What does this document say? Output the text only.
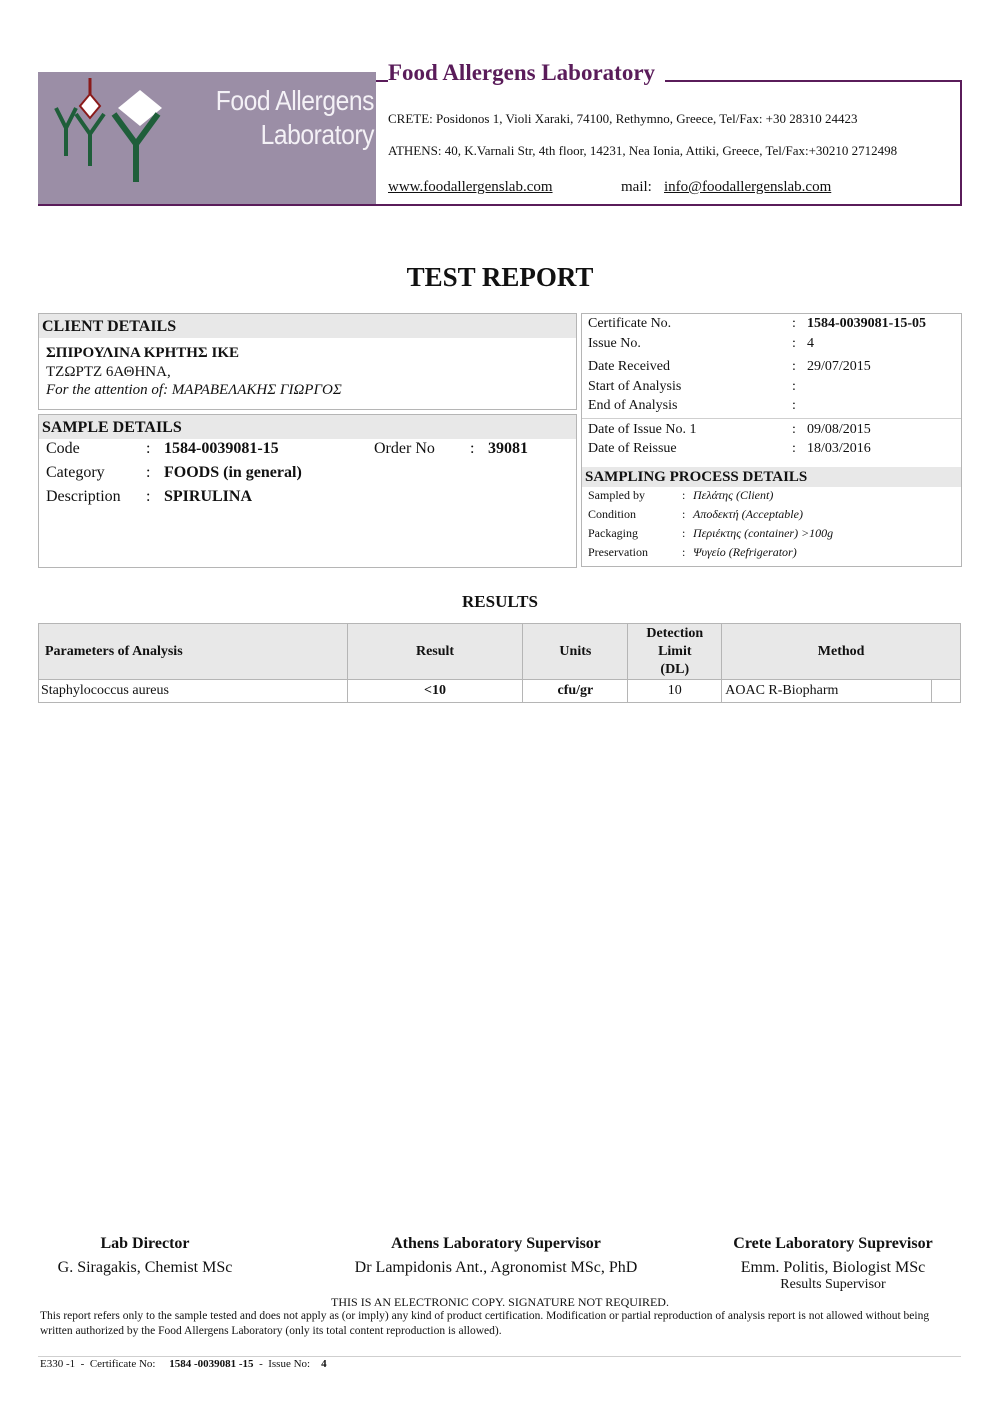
Food Allergens
Laboratory
Food Allergens Laboratory
CRETE: Posidonos 1, Violi Xaraki, 74100, Rethymno, Greece, Tel/Fax: +30 28310 24423
ATHENS: 40, K.Varnali Str, 4th floor, 14231, Nea Ionia, Attiki, Greece, Tel/Fax:+30210 2712498
www.foodallergenslab.com	mail: info@foodallergenslab.com
TEST REPORT
CLIENT DETAILS
ΣΠΙΡΟΥΛΙΝΑ ΚΡΗΤΗΣ ΙΚΕ
ΤΖΩΡΤΖ 6ΑΘΗΝΑ,
For the attention of: ΜΑΡΑΒΕΛΑΚΗΣ ΓΙΩΡΓΟΣ
SAMPLE DETAILS
Code	: 1584-0039081-15	Order No : 39081
Category	: FOODS (in general)
Description : SPIRULINA
Certificate No.	: 1584-0039081-15-05
Issue No.	: 4
Date Received	: 29/07/2015
Start of Analysis	:
End of Analysis	:
Date of Issue No. 1	: 09/08/2015
Date of Reissue	: 18/03/2016
SAMPLING PROCESS DETAILS
Sampled by	: Πελάτης (Client)
Condition	: Αποδεκτή (Acceptable)
Packaging	: Περιέκτης (container) >100g
Preservation	: Ψυγείο (Refrigerator)
RESULTS
Parameters of Analysis	Result	Units	Detection
Limit
(DL)	Method	
Staphylococcus aureus	<10	cfu/gr	10	AOAC R-Biopharm	
Lab Director
G. Siragakis, Chemist MSc
Athens Laboratory Supervisor
Dr Lampidonis Ant., Agronomist MSc, PhD
Crete Laboratory Suprevisor
Emm. Politis, Biologist MSc
Results Supervisor
THIS IS AN ELECTRONIC COPY. SIGNATURE NOT REQUIRED.
This report refers only to the sample tested and does not apply as (or imply) any kind of product certification. Modification or partial reproduction of analysis report is not allowed without being written authorized by the Food Allergens Laboratory (only its total content reproduction is allowed).
E330 -1  -  Certificate No: 1584 -0039081 -15  -  Issue No: 4
